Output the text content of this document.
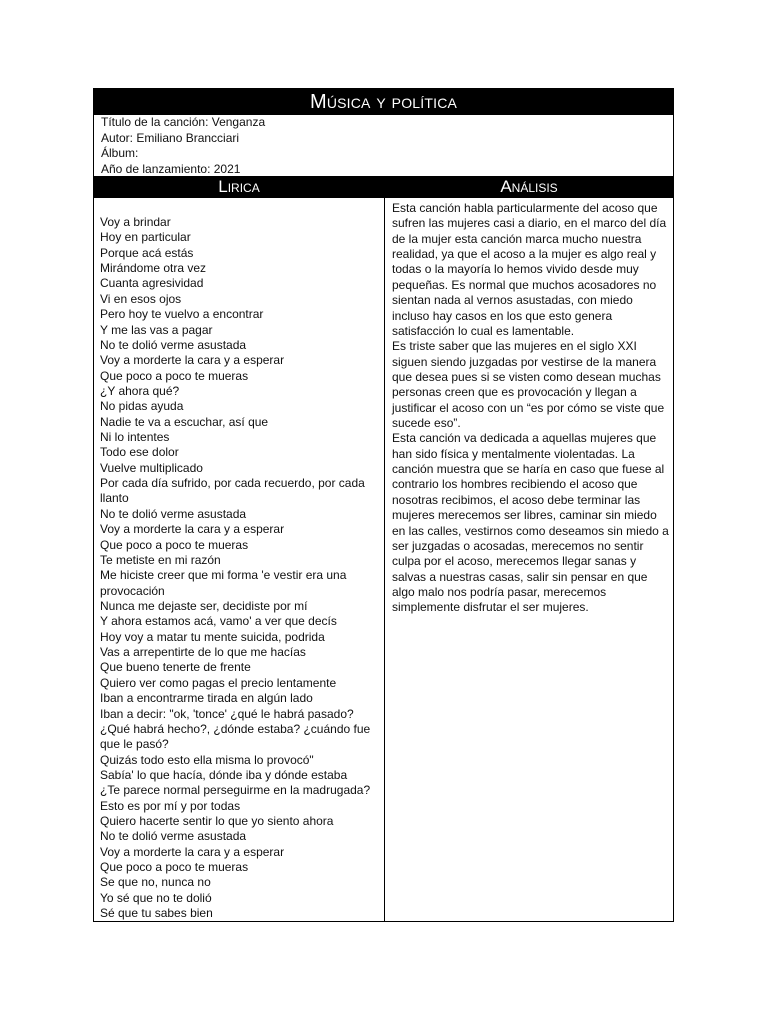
Música y política
Título de la canción: Venganza
Autor: Emiliano Brancciari
Álbum:
Año de lanzamiento: 2021
Lirica	Análisis
Voy a brindar
Hoy en particular
Porque acá estás
Mirándome otra vez
Cuanta agresividad
Vi en esos ojos
Pero hoy te vuelvo a encontrar
Y me las vas a pagar
No te dolió verme asustada
Voy a morderte la cara y a esperar
Que poco a poco te mueras
¿Y ahora qué?
No pidas ayuda
Nadie te va a escuchar, así que
Ni lo intentes
Todo ese dolor
Vuelve multiplicado
Por cada día sufrido, por cada recuerdo, por cada llanto
No te dolió verme asustada
Voy a morderte la cara y a esperar
Que poco a poco te mueras
Te metiste en mi razón
Me hiciste creer que mi forma 'e vestir era una provocación
Nunca me dejaste ser, decidiste por mí
Y ahora estamos acá, vamo' a ver que decís
Hoy voy a matar tu mente suicida, podrida
Vas a arrepentirte de lo que me hacías
Que bueno tenerte de frente
Quiero ver como pagas el precio lentamente
Iban a encontrarme tirada en algún lado
Iban a decir: "ok, 'tonce' ¿qué le habrá pasado?
¿Qué habrá hecho?, ¿dónde estaba? ¿cuándo fue que le pasó?
Quizás todo esto ella misma lo provocó"
Sabía' lo que hacía, dónde iba y dónde estaba
¿Te parece normal perseguirme en la madrugada?
Esto es por mí y por todas
Quiero hacerte sentir lo que yo siento ahora
No te dolió verme asustada
Voy a morderte la cara y a esperar
Que poco a poco te mueras
Se que no, nunca no
Yo sé que no te dolió
Sé que tu sabes bien

Esta canción habla particularmente del acoso que sufren las mujeres casi a diario, en el marco del día de la mujer esta canción marca mucho nuestra realidad, ya que el acoso a la mujer es algo real y todas o la mayoría lo hemos vivido desde muy pequeñas. Es normal que muchos acosadores no sientan nada al vernos asustadas, con miedo incluso hay casos en los que esto genera satisfacción lo cual es lamentable.

Es triste saber que las mujeres en el siglo XXI siguen siendo juzgadas por vestirse de la manera que desea pues si se visten como desean muchas personas creen que es provocación y llegan a justificar el acoso con un “es por cómo se viste que sucede eso”.

Esta canción va dedicada a aquellas mujeres que han sido física y mentalmente violentadas. La canción muestra que se haría en caso que fuese al contrario los hombres recibiendo el acoso que nosotras recibimos, el acoso debe terminar las mujeres merecemos ser libres, caminar sin miedo en las calles, vestirnos como deseamos sin miedo a ser juzgadas o acosadas, merecemos no sentir culpa por el acoso, merecemos llegar sanas y salvas a nuestras casas, salir sin pensar en que algo malo nos podría pasar, merecemos simplemente disfrutar el ser mujeres.
